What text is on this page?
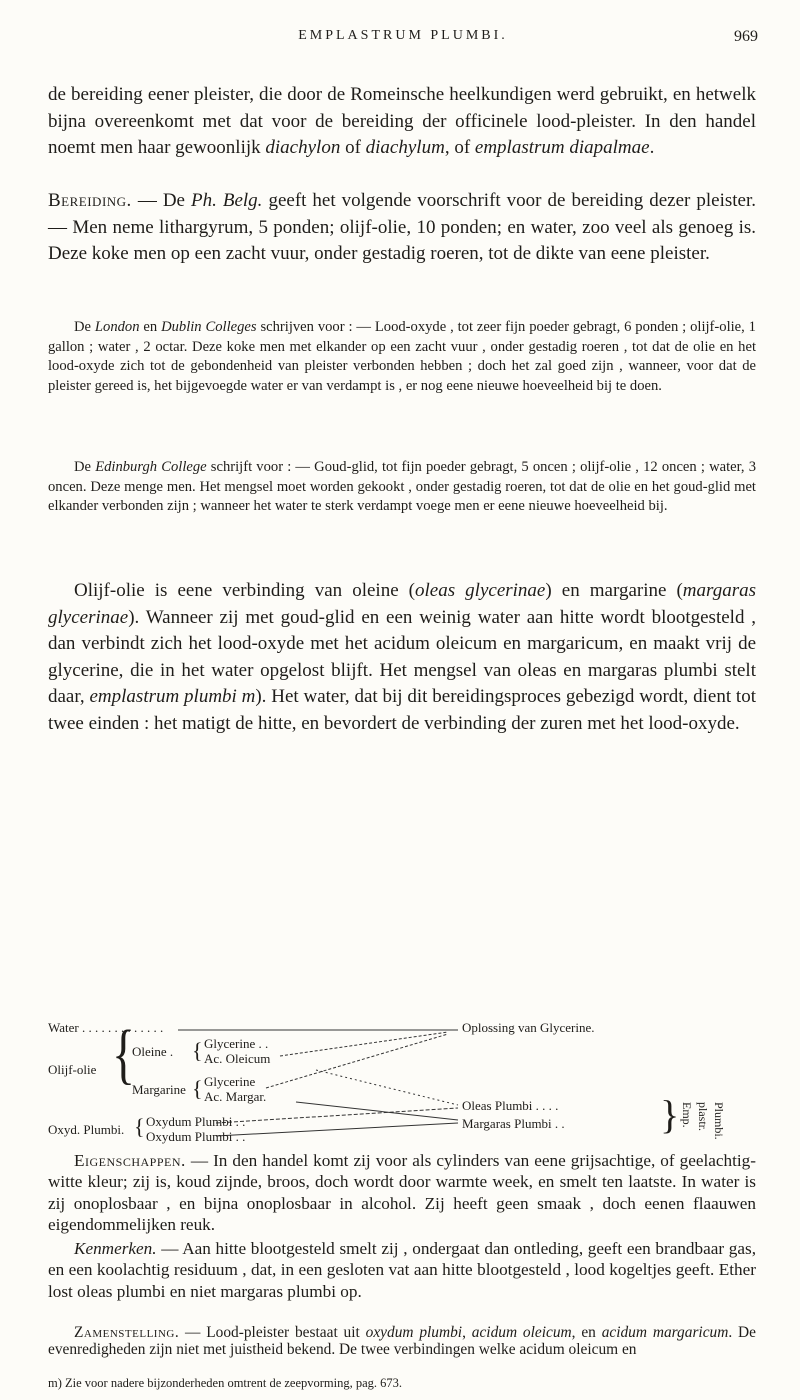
EMPLASTRUM PLUMBI.	969

de bereiding eener pleister, die door de Romeinsche heelkundigen werd gebruikt, en hetwelk bijna overeenkomt met dat voor de bereiding der officinele lood-pleister. In den handel noemt men haar gewoonlijk diachylon of diachylum, of emplastrum diapalmae.

Bereiding. — De Ph. Belg. geeft het volgende voorschrift voor de bereiding dezer pleister. — Men neme lithargyrum, 5 ponden; olijf-olie, 10 ponden; en water, zoo veel als genoeg is. Deze koke men op een zacht vuur, onder gestadig roeren, tot de dikte van eene pleister.

De London en Dublin Colleges schrijven voor : — Lood-oxyde , tot zeer fijn poeder gebragt, 6 ponden ; olijf-olie, 1 gallon ; water , 2 octar. Deze koke men met elkander op een zacht vuur , onder gestadig roeren , tot dat de olie en het lood-oxyde zich tot de gebondenheid van pleister verbonden hebben ; doch het zal goed zijn , wanneer, voor dat de pleister gereed is, het bijgevoegde water er van verdampt is , er nog eene nieuwe hoeveelheid bij te doen.

De Edinburgh College schrijft voor : — Goud-glid, tot fijn poeder gebragt, 5 oncen ; olijf-olie , 12 oncen ; water, 3 oncen. Deze menge men. Het mengsel moet worden gekookt , onder gestadig roeren, tot dat de olie en het goud-glid met elkander verbonden zijn ; wanneer het water te sterk verdampt voege men er eene nieuwe hoeveelheid bij.

Olijf-olie is eene verbinding van oleine (oleas glycerinae) en margarine (margaras glycerinae). Wanneer zij met goud-glid en een weinig water aan hitte wordt blootgesteld , dan verbindt zich het lood-oxyde met het acidum oleicum en margaricum, en maakt vrij de glycerine, die in het water opgelost blijft. Het mengsel van oleas en margaras plumbi stelt daar, emplastrum plumbi m). Het water, dat bij dit bereidingsproces gebezigd wordt, dient tot twee einden : het matigt de hitte, en bevordert de verbinding der zuren met het lood-oxyde.

Water . . . . . . . . . . . . .	Oplossing van Glycerine.
Olijf-olie {
Oleine . { Glycerine . .
Ac. Oleicum
Margarine { Glycerine
Ac. Margar.
Oxyd. Plumbi. { Oxydum Plumbi . .
Oxydum Plumbi . .
Oleas Plumbi . . . .
Margaras Plumbi . . { Emp. plastr. Plumbi.

Eigenschappen. — In den handel komt zij voor als cylinders van eene grijsachtige, of geelachtig-witte kleur; zij is, koud zijnde, broos, doch wordt door warmte week, en smelt ten laatste. In water is zij onoplosbaar , en bijna onoplosbaar in alcohol. Zij heeft geen smaak , doch eenen flaauwen eigendommelijken reuk.

Kenmerken. — Aan hitte blootgesteld smelt zij , ondergaat dan ontleding, geeft een brandbaar gas, en een koolachtig residuum , dat, in een gesloten vat aan hitte blootgesteld , lood kogeltjes geeft. Ether lost oleas plumbi en niet margaras plumbi op.

Zamenstelling. — Lood-pleister bestaat uit oxydum plumbi, acidum oleicum, en acidum margaricum. De evenredigheden zijn niet met juistheid bekend. De twee verbindingen welke acidum oleicum en

m) Zie voor nadere bijzonderheden omtrent de zeepvorming, pag. 673.
